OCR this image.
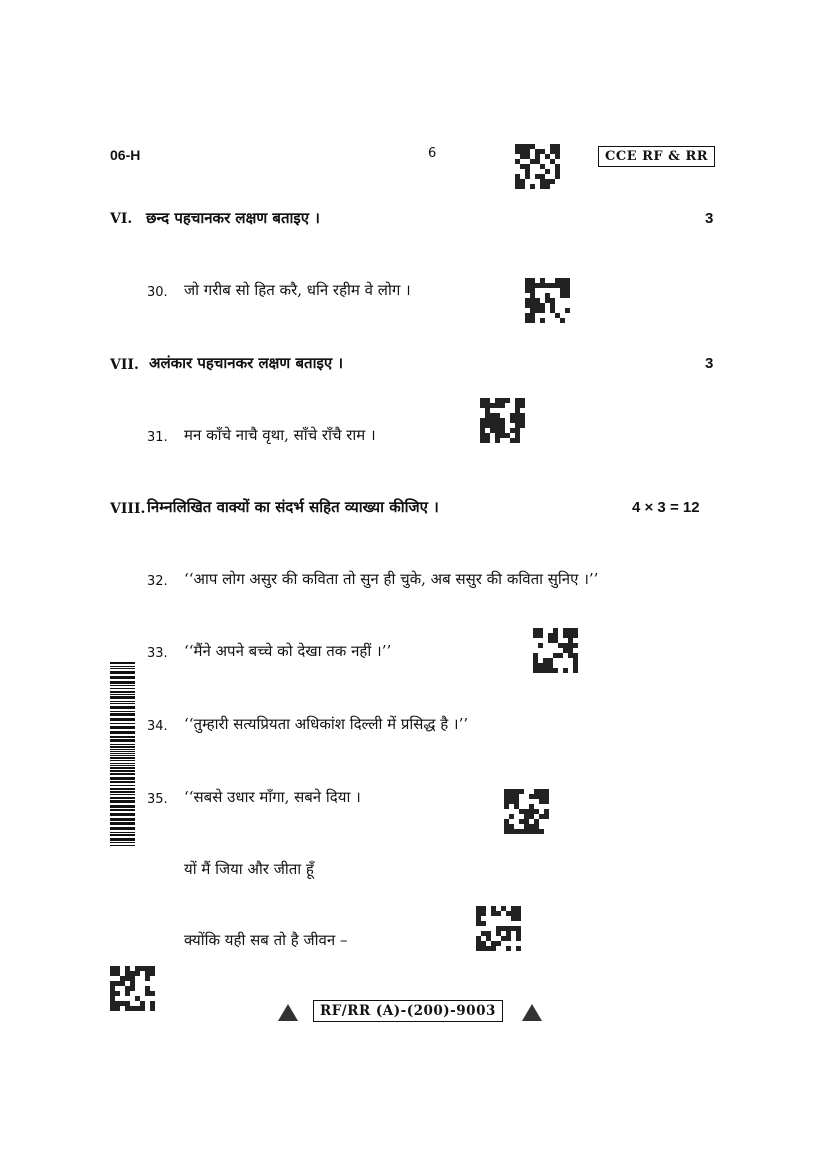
06-H	6	CCE RF & RR
VI. छन्द पहचानकर लक्षण बताइए ।	3
30. जो गरीब सो हित करै, धनि रहीम वे लोग ।
VII. अलंकार पहचानकर लक्षण बताइए ।	3
31. मन काँचे नाचै वृथा, साँचे राँचै राम ।
VIII. निम्नलिखित वाक्यों का संदर्भ सहित व्याख्या कीजिए ।	4 × 3 = 12
32. ‘‘आप लोग असुर की कविता तो सुन ही चुके, अब ससुर की कविता सुनिए ।’’
33. ‘‘मैंने अपने बच्चे को देखा तक नहीं ।’’
34. ‘‘तुम्हारी सत्यप्रियता अधिकांश दिल्ली में प्रसिद्ध है ।’’
35. ‘‘सबसे उधार माँगा, सबने दिया ।
यों मैं जिया और जीता हूँ
क्योंकि यही सब तो है जीवन –
RF/RR (A)-(200)-9003
